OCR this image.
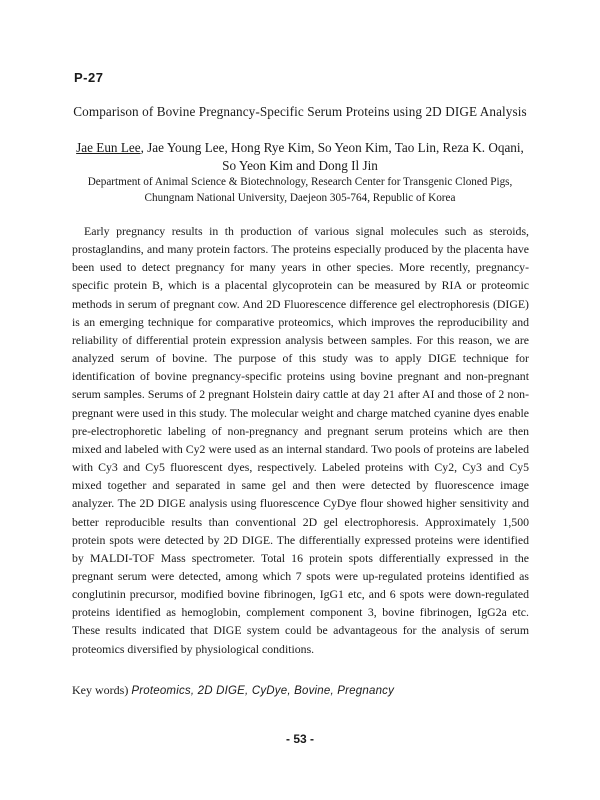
P-27
Comparison of Bovine Pregnancy-Specific Serum Proteins using 2D DIGE Analysis
Jae Eun Lee, Jae Young Lee, Hong Rye Kim, So Yeon Kim, Tao Lin, Reza K. Oqani, So Yeon Kim and Dong Il Jin
Department of Animal Science & Biotechnology, Research Center for Transgenic Cloned Pigs,
Chungnam National University, Daejeon 305-764, Republic of Korea

Early pregnancy results in th production of various signal molecules such as steroids, prostaglandins, and many protein factors. The proteins especially produced by the placenta have been used to detect pregnancy for many years in other species. More recently, pregnancy-specific protein B, which is a placental glycoprotein can be measured by RIA or proteomic methods in serum of pregnant cow. And 2D Fluorescence difference gel electrophoresis (DIGE) is an emerging technique for comparative proteomics, which improves the reproducibility and reliability of differential protein expression analysis between samples. For this reason, we are analyzed serum of bovine. The purpose of this study was to apply DIGE technique for identification of bovine pregnancy-specific proteins using bovine pregnant and non-pregnant serum samples. Serums of 2 pregnant Holstein dairy cattle at day 21 after AI and those of 2 non-pregnant were used in this study. The molecular weight and charge matched cyanine dyes enable pre-electrophoretic labeling of non-pregnancy and pregnant serum proteins which are then mixed and labeled with Cy2 were used as an internal standard. Two pools of proteins are labeled with Cy3 and Cy5 fluorescent dyes, respectively. Labeled proteins with Cy2, Cy3 and Cy5 mixed together and separated in same gel and then were detected by fluorescence image analyzer. The 2D DIGE analysis using fluorescence CyDye flour showed higher sensitivity and better reproducible results than conventional 2D gel electrophoresis. Approximately 1,500 protein spots were detected by 2D DIGE. The differentially expressed proteins were identified by MALDI-TOF Mass spectrometer. Total 16 protein spots differentially expressed in the pregnant serum were detected, among which 7 spots were up-regulated proteins identified as conglutinin precursor, modified bovine fibrinogen, IgG1 etc, and 6 spots were down-regulated proteins identified as hemoglobin, complement component 3, bovine fibrinogen, IgG2a etc. These results indicated that DIGE system could be advantageous for the analysis of serum proteomics diversified by physiological conditions.

Key words) Proteomics, 2D DIGE, CyDye, Bovine, Pregnancy
- 53 -
